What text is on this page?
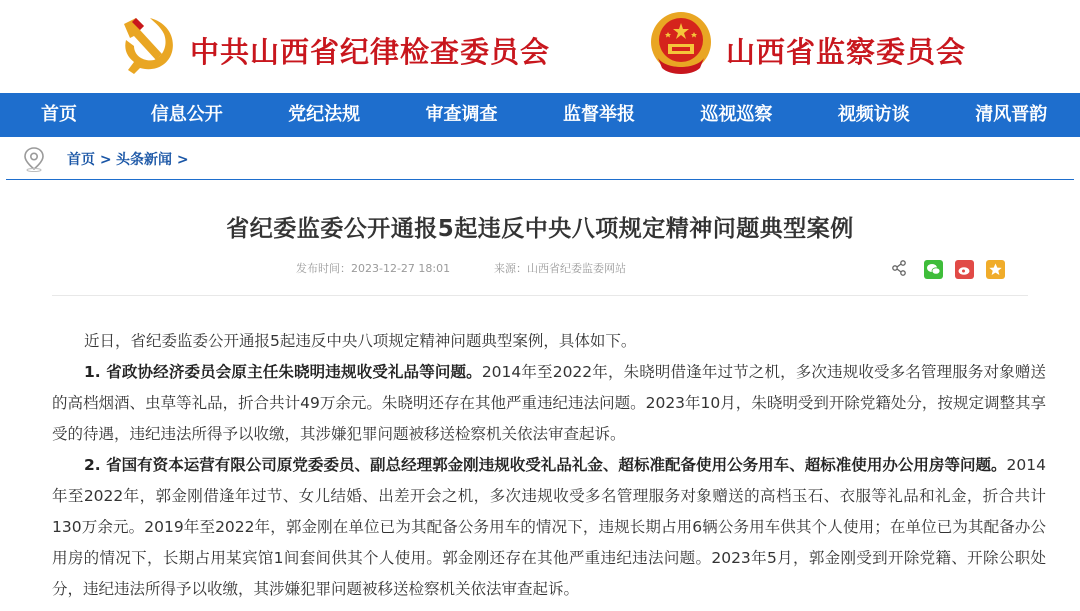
中共山西省纪律检查委员会	山西省监察委员会
首页	信息公开	党纪法规	审查调查	监督举报	巡视巡察	视频访谈	清风晋韵
首页 > 头条新闻 >
省纪委监委公开通报5起违反中央八项规定精神问题典型案例
发布时间：2023-12-27 18:01	来源：山西省纪委监委网站

近日，省纪委监委公开通报5起违反中央八项规定精神问题典型案例，具体如下。

1. 省政协经济委员会原主任朱晓明违规收受礼品等问题。2014年至2022年，朱晓明借逢年过节之机，多次违规收受多名管理服务对象赠送的高档烟酒、虫草等礼品，折合共计49万余元。朱晓明还存在其他严重违纪违法问题。2023年10月，朱晓明受到开除党籍处分，按规定调整其享受的待遇，违纪违法所得予以收缴，其涉嫌犯罪问题被移送检察机关依法审查起诉。

2. 省国有资本运营有限公司原党委委员、副总经理郭金刚违规收受礼品礼金、超标准配备使用公务用车、超标准使用办公用房等问题。2014年至2022年，郭金刚借逢年过节、女儿结婚、出差开会之机，多次违规收受多名管理服务对象赠送的高档玉石、衣服等礼品和礼金，折合共计130万余元。2019年至2022年，郭金刚在单位已为其配备公务用车的情况下，违规长期占用6辆公务用车供其个人使用；在单位已为其配备办公用房的情况下，长期占用某宾馆1间套间供其个人使用。郭金刚还存在其他严重违纪违法问题。2023年5月，郭金刚受到开除党籍、开除公职处分，违纪违法所得予以收缴，其涉嫌犯罪问题被移送检察机关依法审查起诉。
